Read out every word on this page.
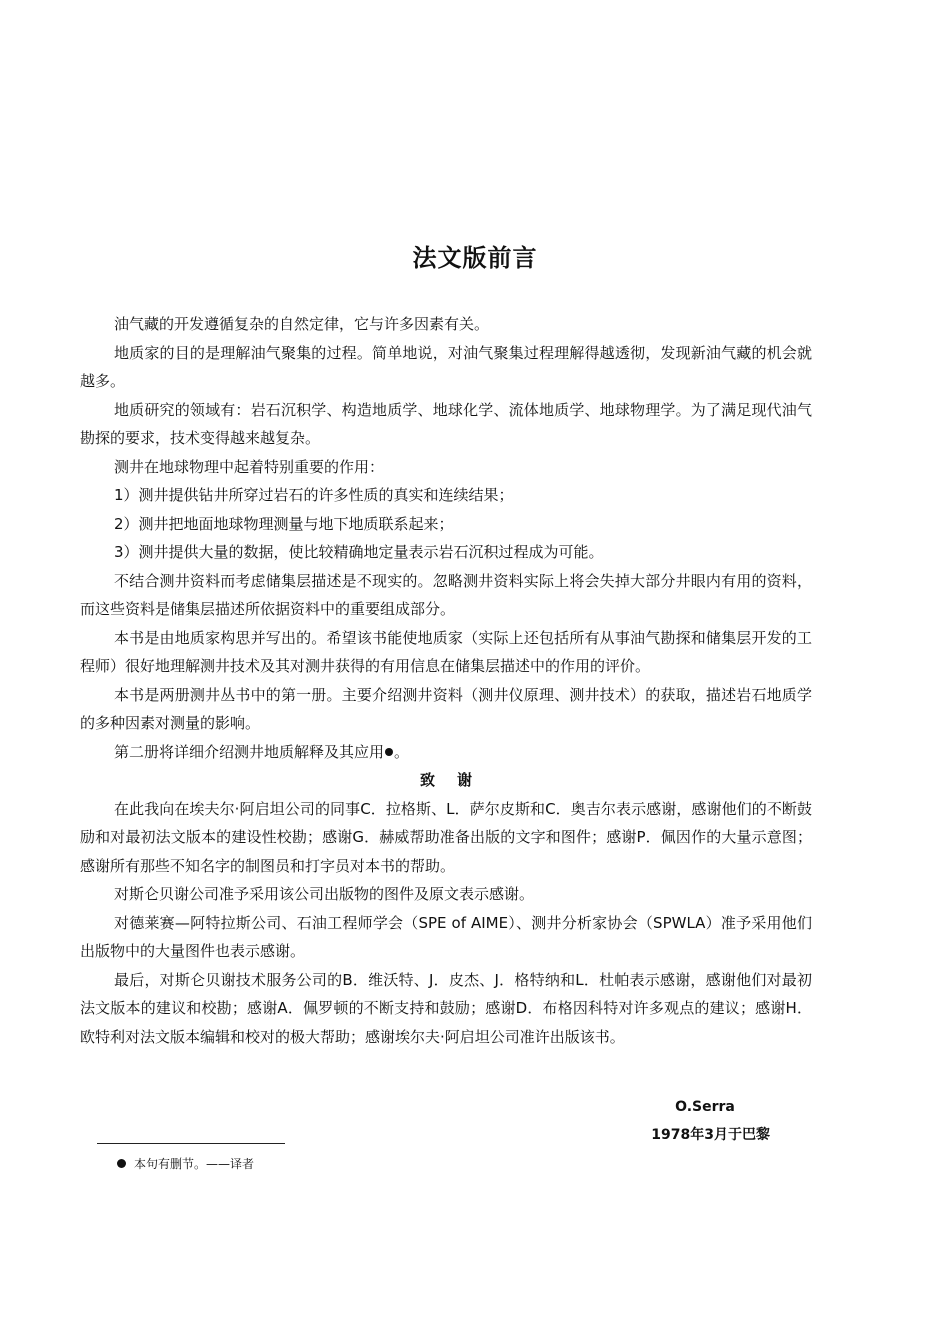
法文版前言

油气藏的开发遵循复杂的自然定律，它与许多因素有关。

地质家的目的是理解油气聚集的过程。简单地说，对油气聚集过程理解得越透彻，发现新油气藏的机会就越多。

地质研究的领域有：岩石沉积学、构造地质学、地球化学、流体地质学、地球物理学。为了满足现代油气勘探的要求，技术变得越来越复杂。

测井在地球物理中起着特别重要的作用：

1）测井提供钻井所穿过岩石的许多性质的真实和连续结果；

2）测井把地面地球物理测量与地下地质联系起来；

3）测井提供大量的数据，使比较精确地定量表示岩石沉积过程成为可能。

不结合测井资料而考虑储集层描述是不现实的。忽略测井资料实际上将会失掉大部分井眼内有用的资料，而这些资料是储集层描述所依据资料中的重要组成部分。

本书是由地质家构思并写出的。希望该书能使地质家（实际上还包括所有从事油气勘探和储集层开发的工程师）很好地理解测井技术及其对测井获得的有用信息在储集层描述中的作用的评价。

本书是两册测井丛书中的第一册。主要介绍测井资料（测井仪原理、测井技术）的获取，描述岩石地质学的多种因素对测量的影响。

第二册将详细介绍测井地质解释及其应用 。

致谢

在此我向在埃夫尔·阿启坦公司的同事C．拉格斯、L．萨尔皮斯和C．奥吉尔表示感谢，感谢他们的不断鼓励和对最初法文版本的建设性校勘；感谢G．赫威帮助准备出版的文字和图件；感谢P．佩因作的大量示意图；感谢所有那些不知名字的制图员和打字员对本书的帮助。

对斯仑贝谢公司准予采用该公司出版物的图件及原文表示感谢。

对德莱赛—阿特拉斯公司、石油工程师学会（SPE of AIME）、测井分析家协会（SPWLA）准予采用他们出版物中的大量图件也表示感谢。

最后，对斯仑贝谢技术服务公司的B．维沃特、J．皮杰、J．格特纳和L．杜帕表示感谢，感谢他们对最初法文版本的建议和校勘；感谢A．佩罗顿的不断支持和鼓励；感谢D．布格因科特对许多观点的建议；感谢H．欧特利对法文版本编辑和校对的极大帮助；感谢埃尔夫·阿启坦公司准许出版该书。

O.Serra
1978年3月于巴黎
本句有删节。——译者
